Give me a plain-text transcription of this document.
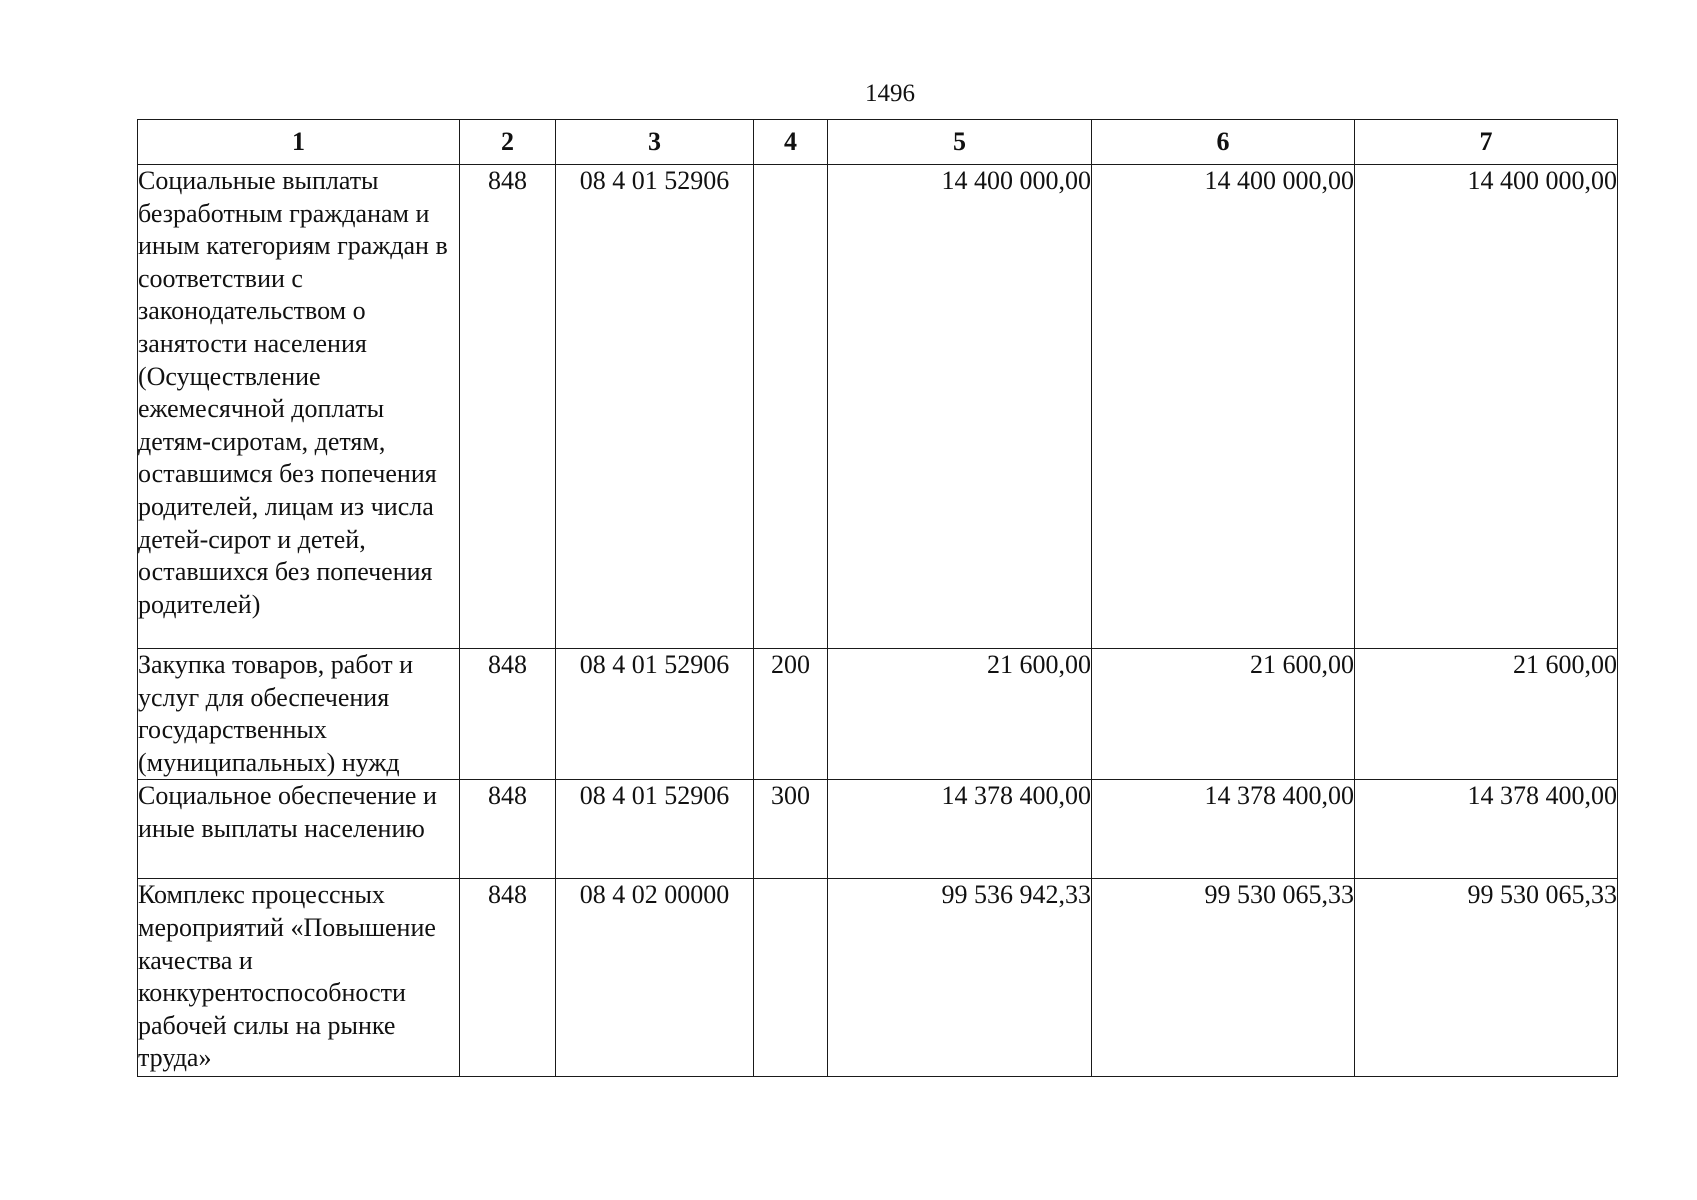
1496
1	2	3	4	5	6	7
Социальные выплаты безработным гражданам и иным категориям граждан в соответствии с законодательством о занятости населения (Осуществление ежемесячной доплаты детям-сиротам, детям, оставшимся без попечения родителей, лицам из числа детей-сирот и детей, оставшихся без попечения родителей)	848	08 4 01 52906		14 400 000,00	14 400 000,00	14 400 000,00
Закупка товаров, работ и услуг для обеспечения государственных (муниципальных) нужд	848	08 4 01 52906	200	21 600,00	21 600,00	21 600,00
Социальное обеспечение и иные выплаты населению	848	08 4 01 52906	300	14 378 400,00	14 378 400,00	14 378 400,00
Комплекс процессных мероприятий «Повышение качества и конкурентоспособности рабочей силы на рынке труда»	848	08 4 02 00000		99 536 942,33	99 530 065,33	99 530 065,33
